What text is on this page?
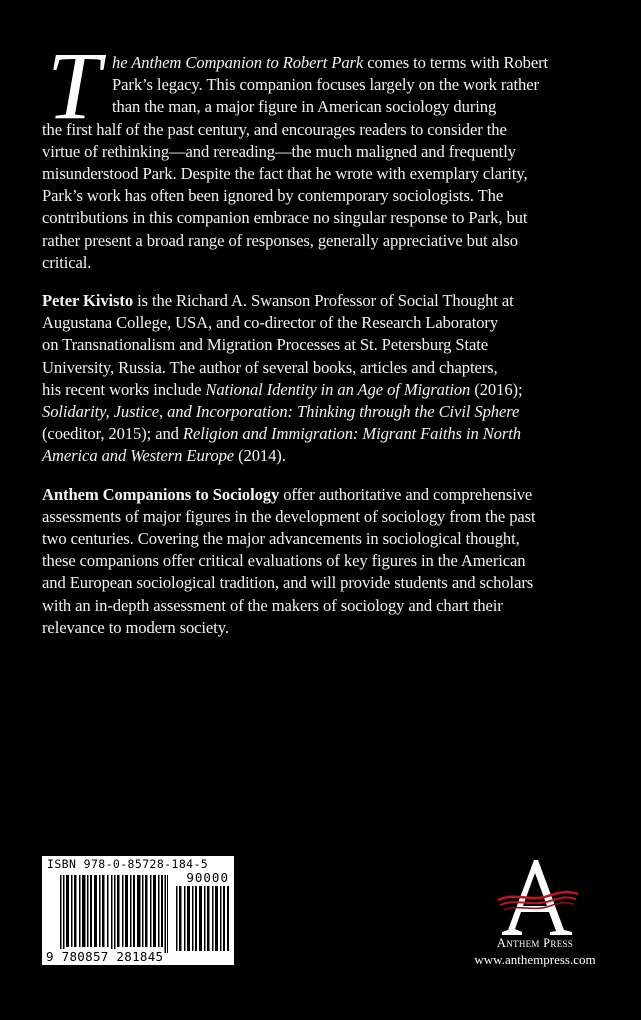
T he Anthem Companion to Robert Park comes to terms with Robert
Park’s legacy. This companion focuses largely on the work rather
than the man, a major figure in American sociology during
the first half of the past century, and encourages readers to consider the
virtue of rethinking—and rereading—the much maligned and frequently
misunderstood Park. Despite the fact that he wrote with exemplary clarity,
Park’s work has often been ignored by contemporary sociologists. The
contributions in this companion embrace no singular response to Park, but
rather present a broad range of responses, generally appreciative but also
critical.
Peter Kivisto is the Richard A. Swanson Professor of Social Thought at
Augustana College, USA, and co-director of the Research Laboratory
on Transnationalism and Migration Processes at St. Petersburg State
University, Russia. The author of several books, articles and chapters,
his recent works include National Identity in an Age of Migration (2016);
Solidarity, Justice, and Incorporation: Thinking through the Civil Sphere
(coeditor, 2015); and Religion and Immigration: Migrant Faiths in North
America and Western Europe (2014).
Anthem Companions to Sociology offer authoritative and comprehensive
assessments of major figures in the development of sociology from the past
two centuries. Covering the major advancements in sociological thought,
these companions offer critical evaluations of key figures in the American
and European sociological tradition, and will provide students and scholars
with an in-depth assessment of the makers of sociology and chart their
relevance to modern society.
ISBN 978-0-85728-184-5
90000
9 780857 281845
Anthem Press
www.anthempress.com
